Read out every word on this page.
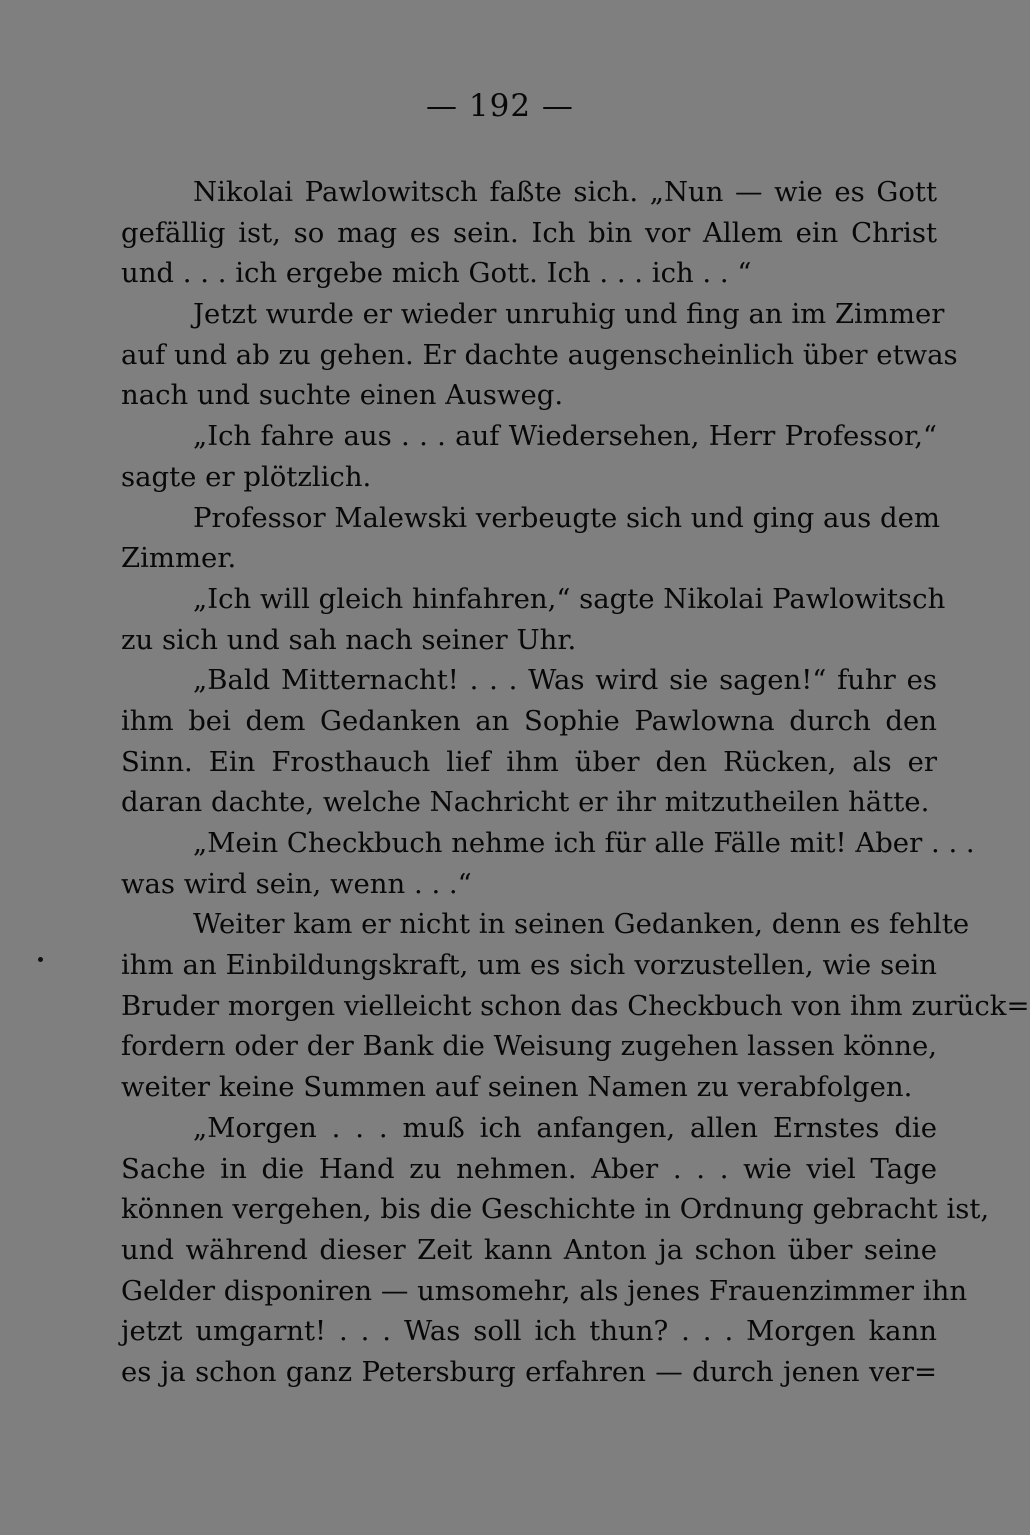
— 192 —
Nikolai Pawlowitsch faßte sich. „Nun — wie es Gott
gefällig ist, so mag es sein. Ich bin vor Allem ein Christ
und . . . ich ergebe mich Gott. Ich . . . ich . . “
Jetzt wurde er wieder unruhig und fing an im Zimmer
auf und ab zu gehen. Er dachte augenscheinlich über etwas
nach und suchte einen Ausweg.
„Ich fahre aus . . . auf Wiedersehen, Herr Professor,“
sagte er plötzlich.
Professor Malewski verbeugte sich und ging aus dem
Zimmer.
„Ich will gleich hinfahren,“ sagte Nikolai Pawlowitsch
zu sich und sah nach seiner Uhr.
„Bald Mitternacht! . . . Was wird sie sagen!“ fuhr es
ihm bei dem Gedanken an Sophie Pawlowna durch den
Sinn. Ein Frosthauch lief ihm über den Rücken, als er
daran dachte, welche Nachricht er ihr mitzutheilen hätte.
„Mein Checkbuch nehme ich für alle Fälle mit! Aber . . .
was wird sein, wenn . . .“
Weiter kam er nicht in seinen Gedanken, denn es fehlte
ihm an Einbildungskraft, um es sich vorzustellen, wie sein
Bruder morgen vielleicht schon das Checkbuch von ihm zurück=
fordern oder der Bank die Weisung zugehen lassen könne,
weiter keine Summen auf seinen Namen zu verabfolgen.
„Morgen . . . muß ich anfangen, allen Ernstes die
Sache in die Hand zu nehmen. Aber . . . wie viel Tage
können vergehen, bis die Geschichte in Ordnung gebracht ist,
und während dieser Zeit kann Anton ja schon über seine
Gelder disponiren — umsomehr, als jenes Frauenzimmer ihn
jetzt umgarnt! . . . Was soll ich thun? . . . Morgen kann
es ja schon ganz Petersburg erfahren — durch jenen ver=
